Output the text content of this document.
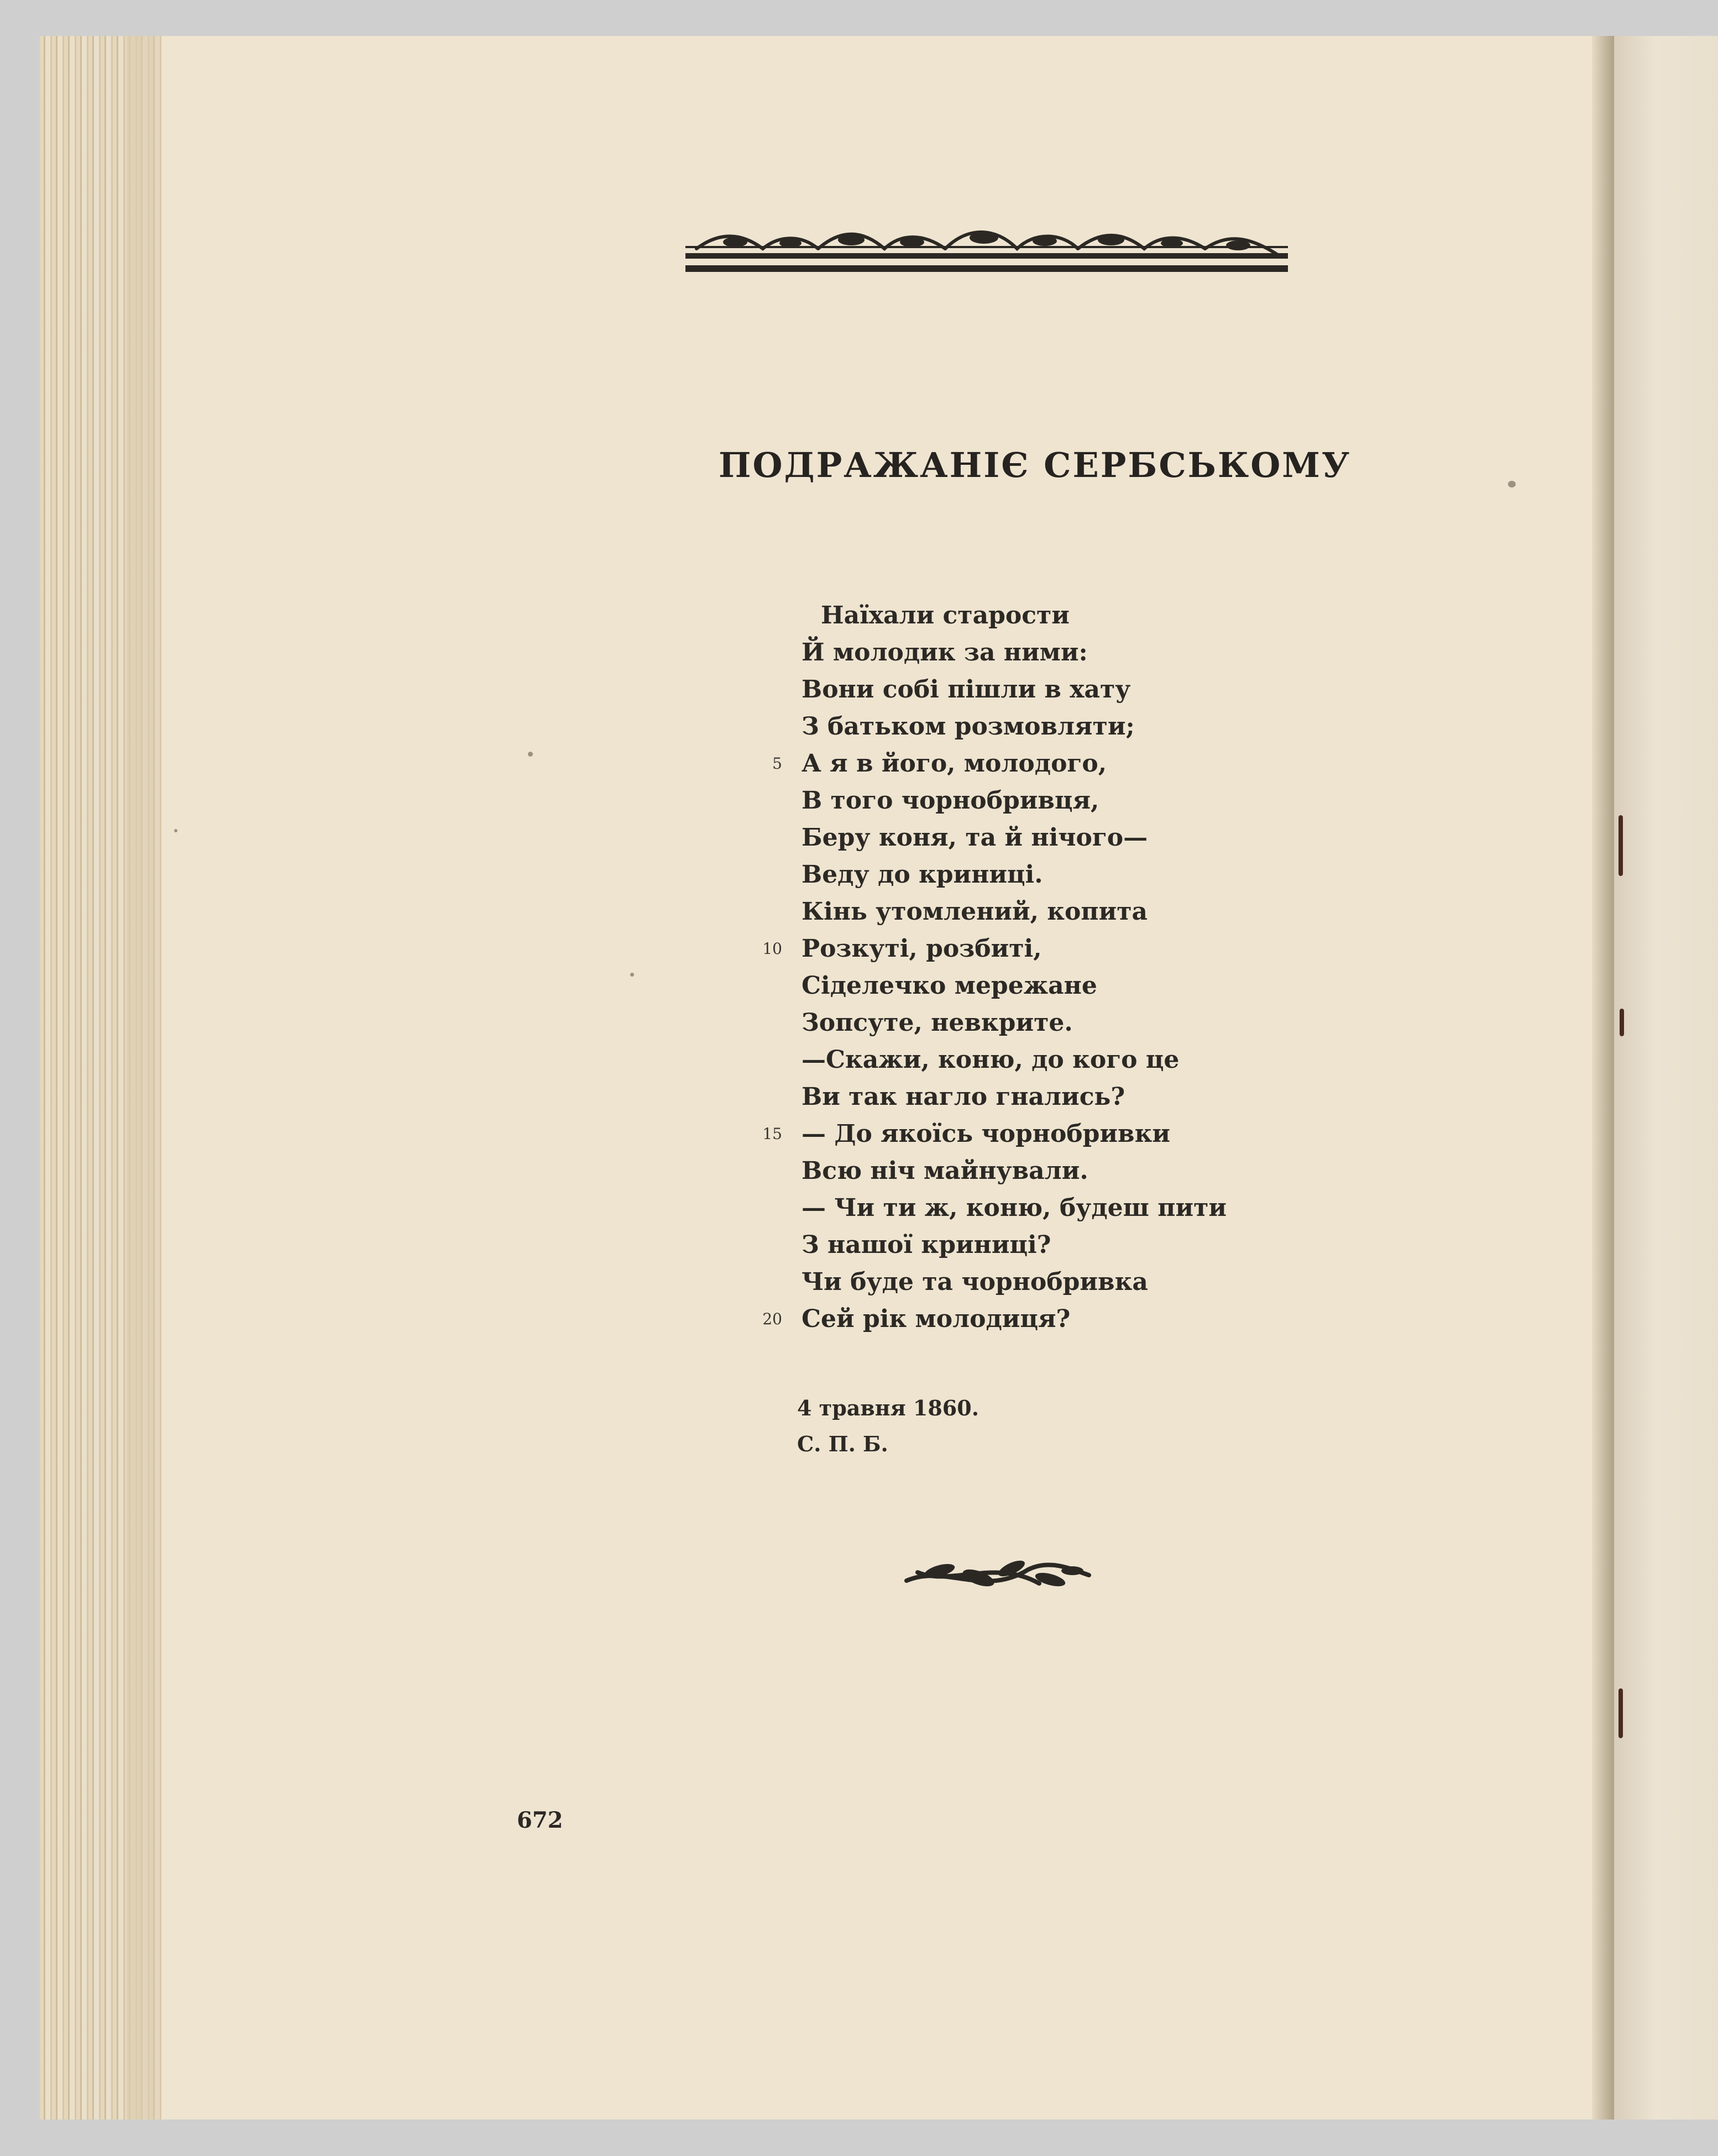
ПОДРАЖАНІЄ СЕРБСЬКОМУ
Наїхали старости
Й молодик за ними:
Вони собі пішли в хату
З батьком розмовляти;
5 А я в його, молодого,
В того чорнобривця,
Беру коня, та й нічого—
Веду до криниці.
Кінь утомлений, копита
10 Розкуті, розбиті,
Сіделечко мережане
Зопсуте, невкрите.
—Скажи, коню, до кого це
Ви так нагло гнались?
15 — До якоїсь чорнобривки
Всю ніч майнували.
— Чи ти ж, коню, будеш пити
З нашої криниці?
Чи буде та чорнобривка
20 Сей рік молодиця?
4 травня 1860.
С. П. Б.
672
